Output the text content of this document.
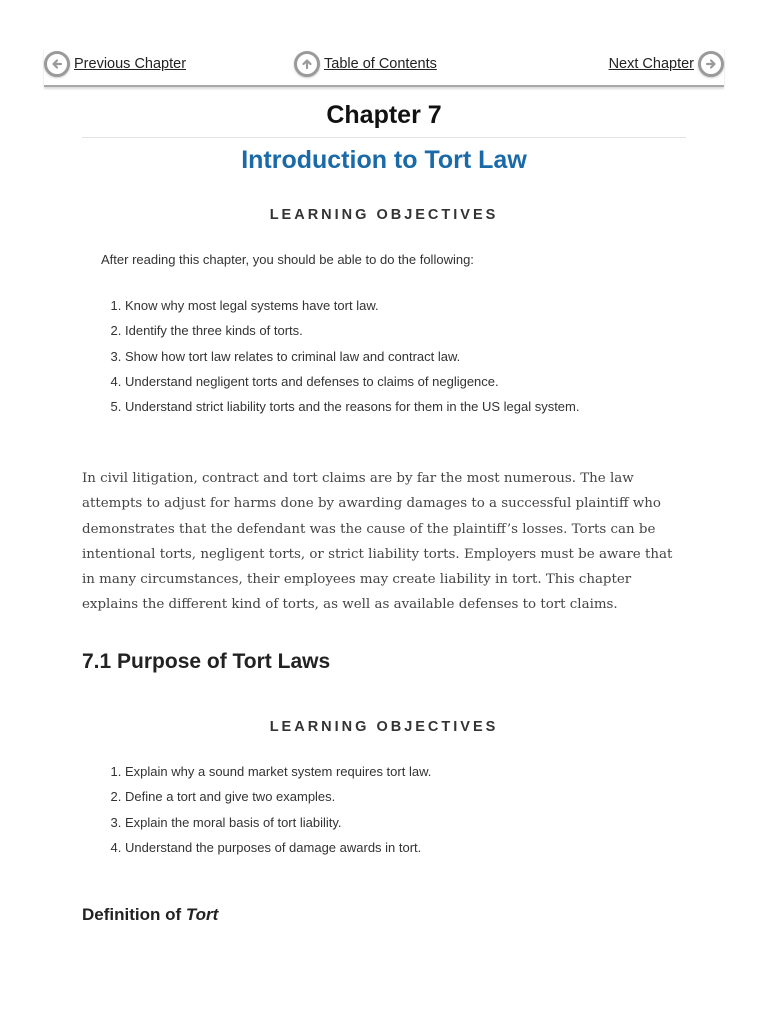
Previous Chapter	Table of Contents	Next Chapter
Chapter 7
Introduction to Tort Law
LEARNING OBJECTIVES
After reading this chapter, you should be able to do the following:
1. Know why most legal systems have tort law.
2. Identify the three kinds of torts.
3. Show how tort law relates to criminal law and contract law.
4. Understand negligent torts and defenses to claims of negligence.
5. Understand strict liability torts and the reasons for them in the US legal system.

In civil litigation, contract and tort claims are by far the most numerous. The law attempts to adjust for harms done by awarding damages to a successful plaintiff who demonstrates that the defendant was the cause of the plaintiff’s losses. Torts can be intentional torts, negligent torts, or strict liability torts. Employers must be aware that in many circumstances, their employees may create liability in tort. This chapter explains the different kind of torts, as well as available defenses to tort claims.

7.1 Purpose of Tort Laws
LEARNING OBJECTIVES
1. Explain why a sound market system requires tort law.
2. Define a tort and give two examples.
3. Explain the moral basis of tort liability.
4. Understand the purposes of damage awards in tort.
Definition of Tort
